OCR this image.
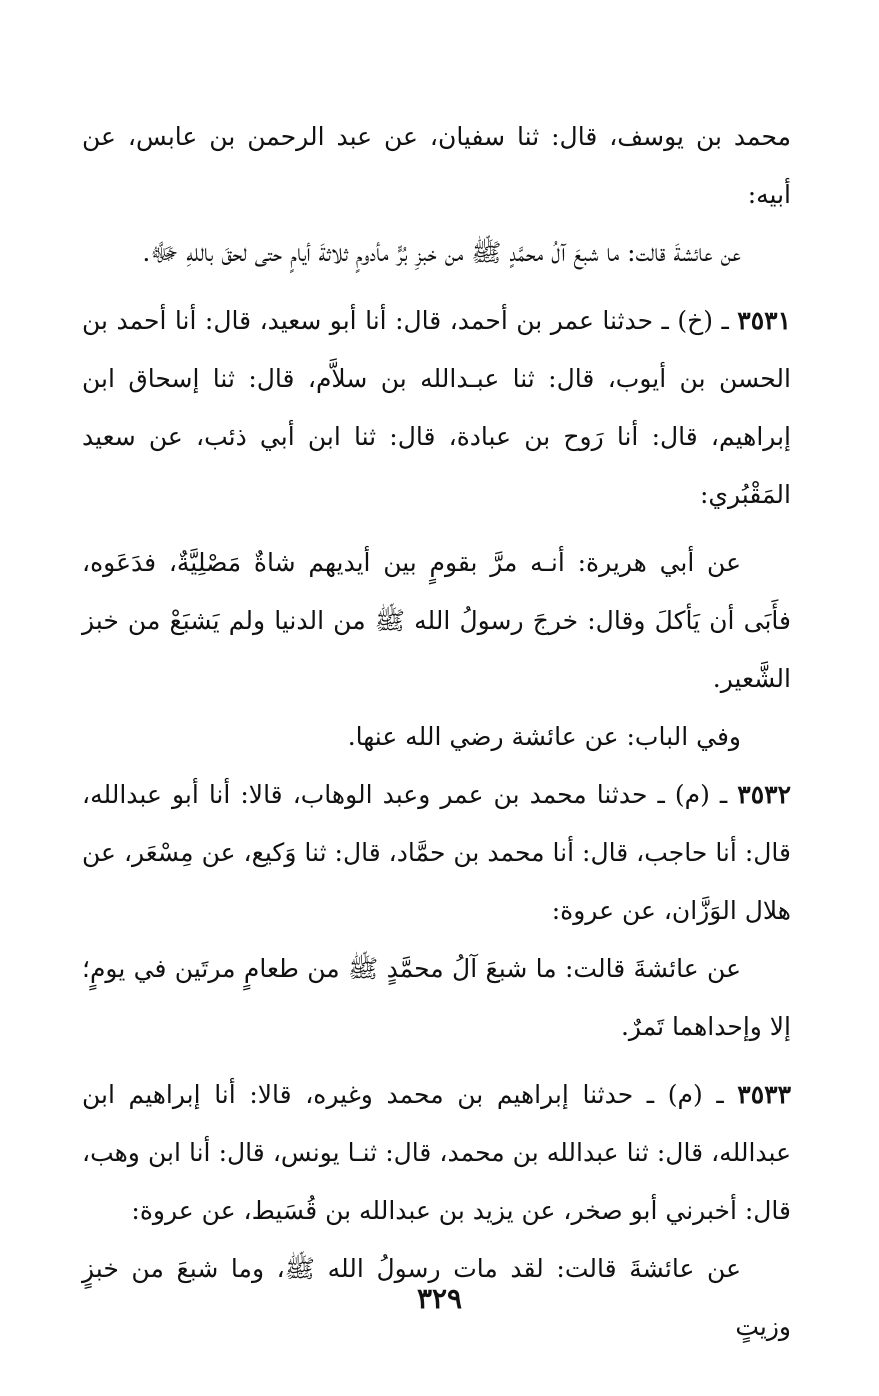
محمد بن يوسف، قال: ثنا سفيان، عن عبد الرحمن بن عابس، عن أبيه:

عن عائشةَ قالت: ما شبعَ آلُ محمَّدٍ ﷺ من خبزِ بُرٍّ مأدومٍ ثلاثةَ أيامٍ حتى لحقَ باللهِ ﷻ.

٣٥٣١ ـ (خ) ـ حدثنا عمر بن أحمد، قال: أنا أبو سعيد، قال: أنا أحمد بن الحسن بن أيوب، قال: ثنا عبـدالله بن سلاَّم، قال: ثنا إسحاق ابن إبراهيم، قال: أنا رَوح بن عبادة، قال: ثنا ابن أبي ذئب، عن سعيد المَقْبُري:

عن أبي هريرة: أنـه مرَّ بقومٍ بين أيديهم شاةٌ مَصْلِيَّةٌ، فدَعَوه، فأَبَى أن يَأكلَ وقال: خرجَ رسولُ الله ﷺ من الدنيا ولم يَشبَعْ من خبز الشَّعير.

وفي الباب: عن عائشة رضي الله عنها.

٣٥٣٢ ـ (م) ـ حدثنا محمد بن عمر وعبد الوهاب، قالا: أنا أبو عبدالله، قال: أنا حاجب، قال: أنا محمد بن حمَّاد، قال: ثنا وَكيع، عن مِسْعَر، عن هلال الوَزَّان، عن عروة:

عن عائشةَ قالت: ما شبعَ آلُ محمَّدٍ ﷺ من طعامٍ مرتَين في يومٍ؛ إلا وإحداهما تَمرٌ.

٣٥٣٣ ـ (م) ـ حدثنا إبراهيم بن محمد وغيره، قالا: أنا إبراهيم ابن عبدالله، قال: ثنا عبدالله بن محمد، قال: ثنـا يونس، قال: أنا ابن وهب، قال: أخبرني أبو صخر، عن يزيد بن عبدالله بن قُسَيط، عن عروة:

عن عائشةَ قالت: لقد مات رسولُ الله ﷺ، وما شبعَ من خبزٍ وزيتٍ

٣٢٩
